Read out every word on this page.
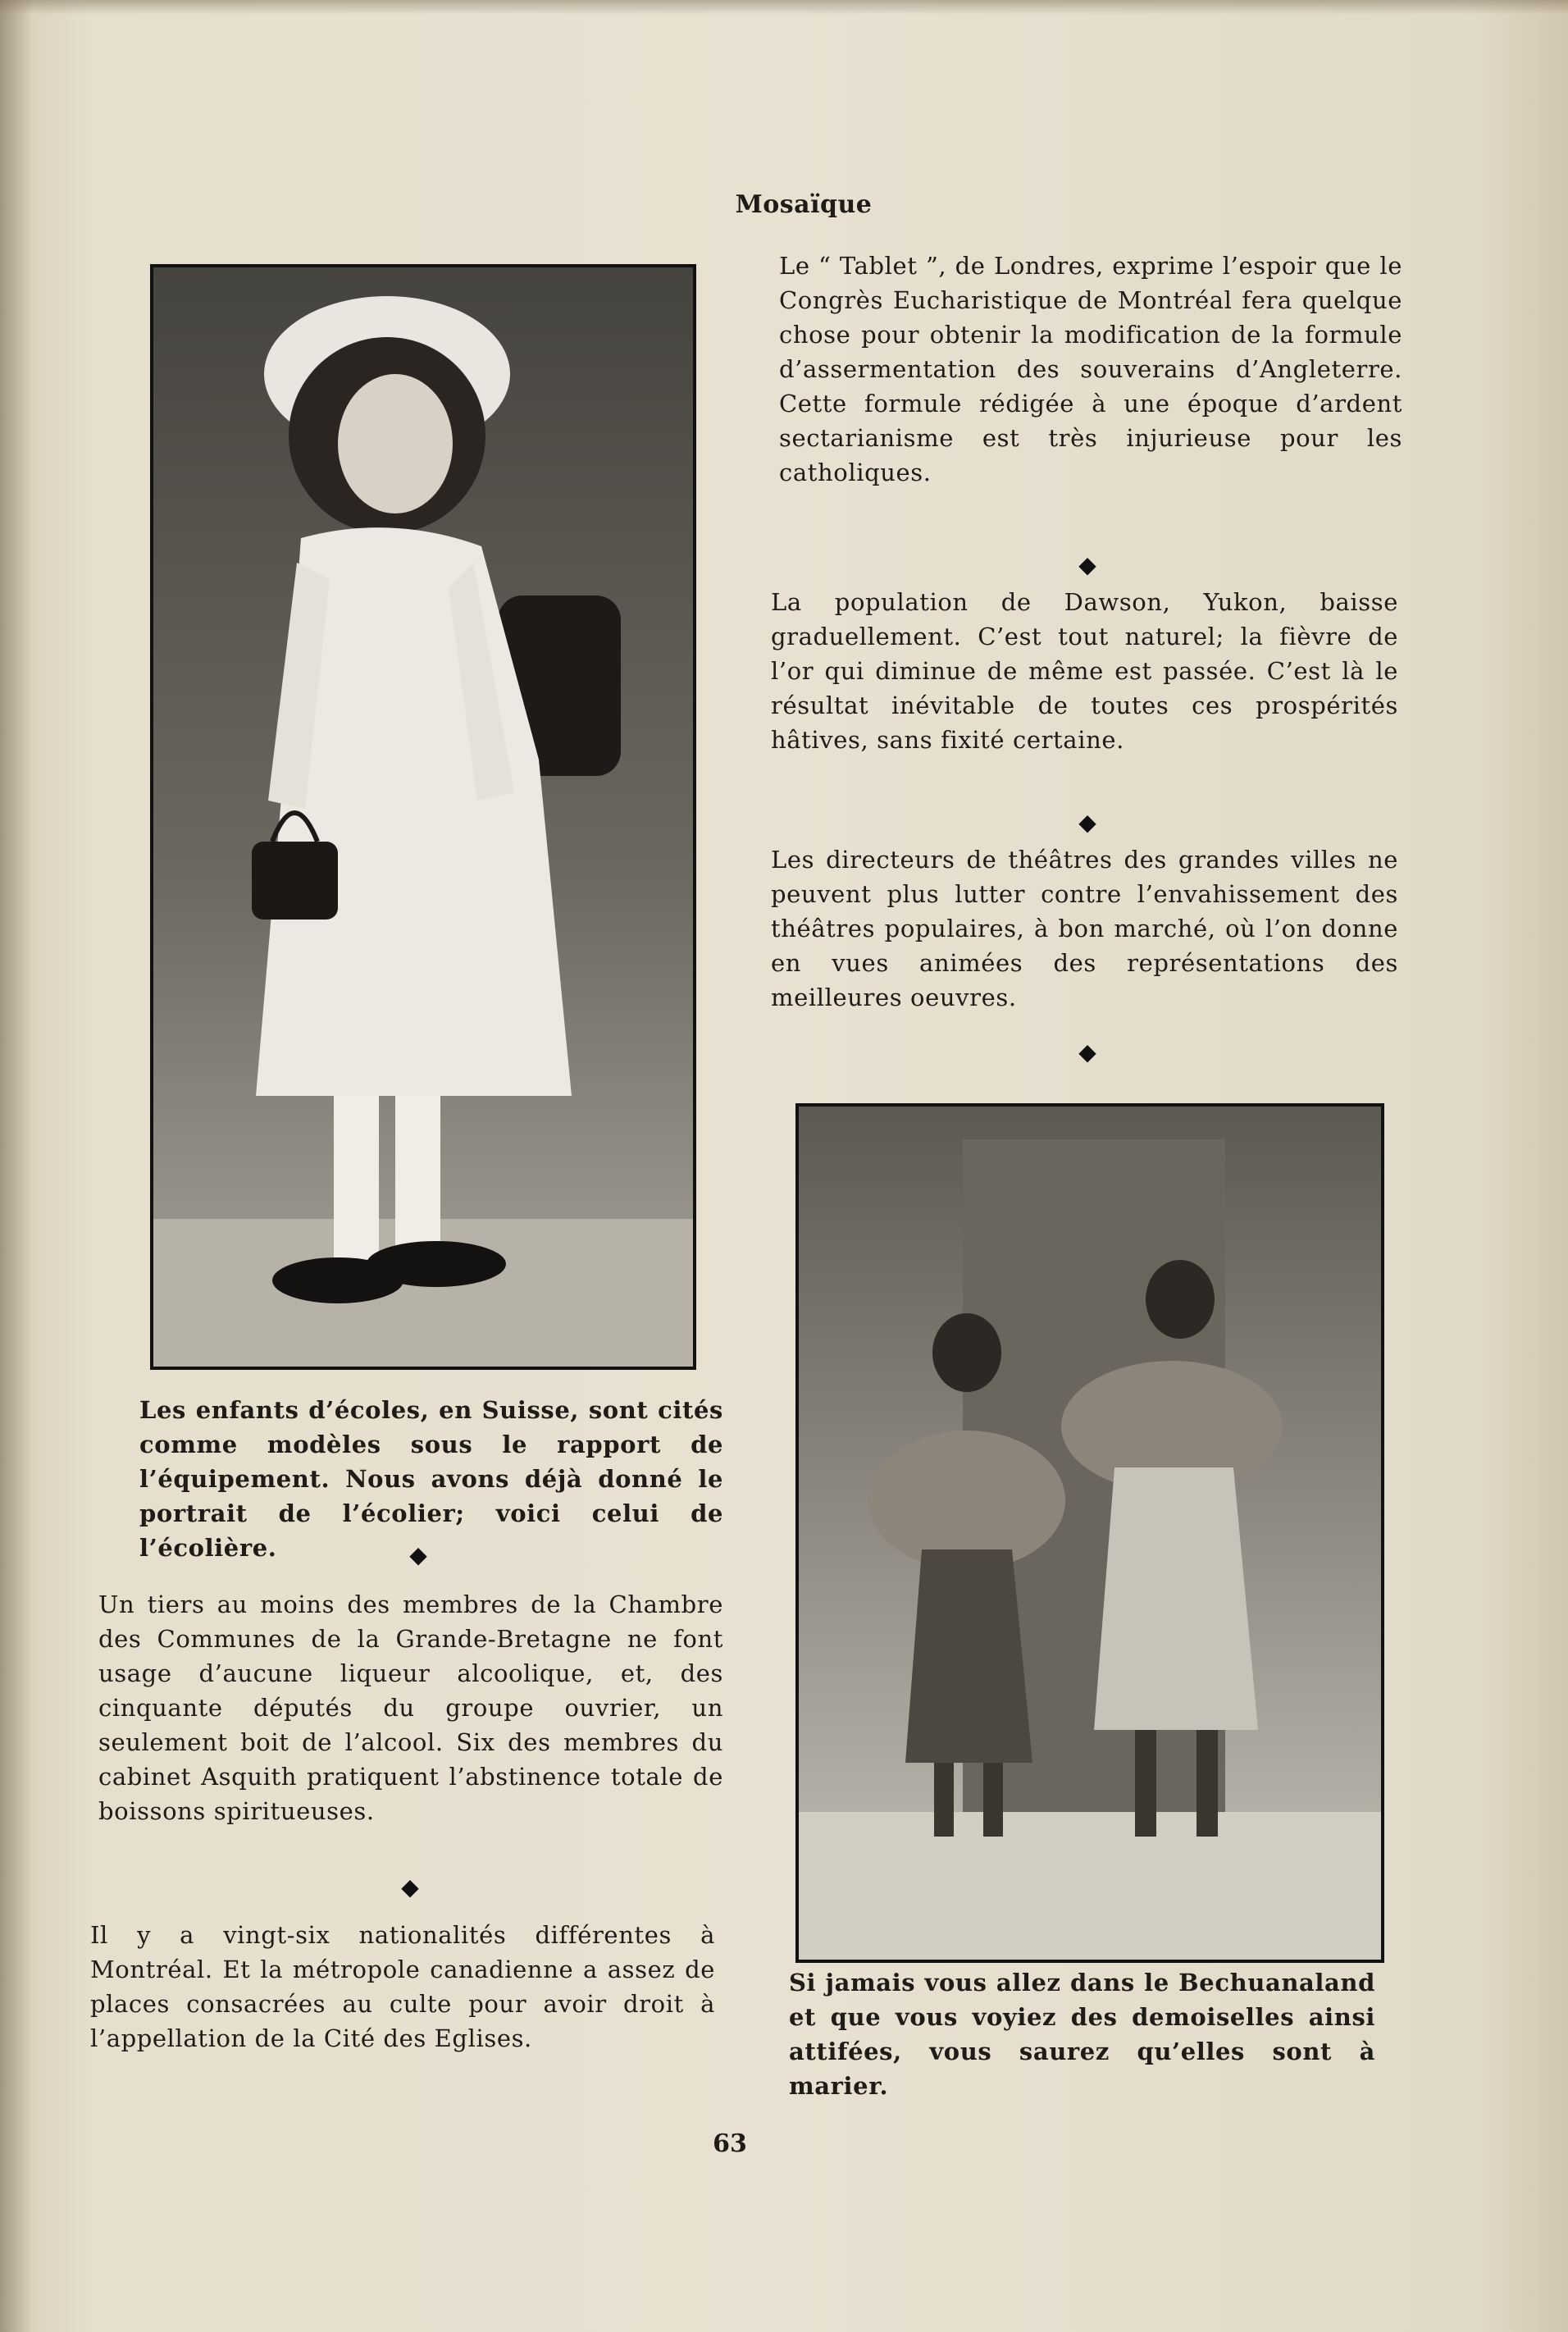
Mosaïque

Le “ Tablet ”, de Londres, exprime l’espoir que le Congrès Eucharistique de Montréal fera quelque chose pour obtenir la modification de la formule d’assermentation des souverains d’Angleterre. Cette formule rédigée à une époque d’ardent sectarianisme est très injurieuse pour les catholiques.

◆

La population de Dawson, Yukon, baisse graduellement. C’est tout naturel; la fièvre de l’or qui diminue de même est passée. C’est là le résultat inévitable de toutes ces prospérités hâtives, sans fixité certaine.

◆

Les directeurs de théâtres des grandes villes ne peuvent plus lutter contre l’envahissement des théâtres populaires, à bon marché, où l’on donne en vues animées des représentations des meilleures oeuvres.

◆

Si jamais vous allez dans le Bechuanaland et que vous voyiez des demoiselles ainsi attifées, vous saurez qu’elles sont à marier.

Les enfants d’écoles, en Suisse, sont cités comme modèles sous le rapport de l’équipement. Nous avons déjà donné le portrait de l’écolier; voici celui de l’écolière.	◆

Un tiers au moins des membres de la Chambre des Communes de la Grande-Bretagne ne font usage d’aucune liqueur alcoolique, et, des cinquante députés du groupe ouvrier, un seulement boit de l’alcool. Six des membres du cabinet Asquith pratiquent l’abstinence totale de boissons spiritueuses.

◆

Il y a vingt-six nationalités différentes à Montréal. Et la métropole canadienne a assez de places consacrées au culte pour avoir droit à l’appellation de la Cité des Eglises.

63
